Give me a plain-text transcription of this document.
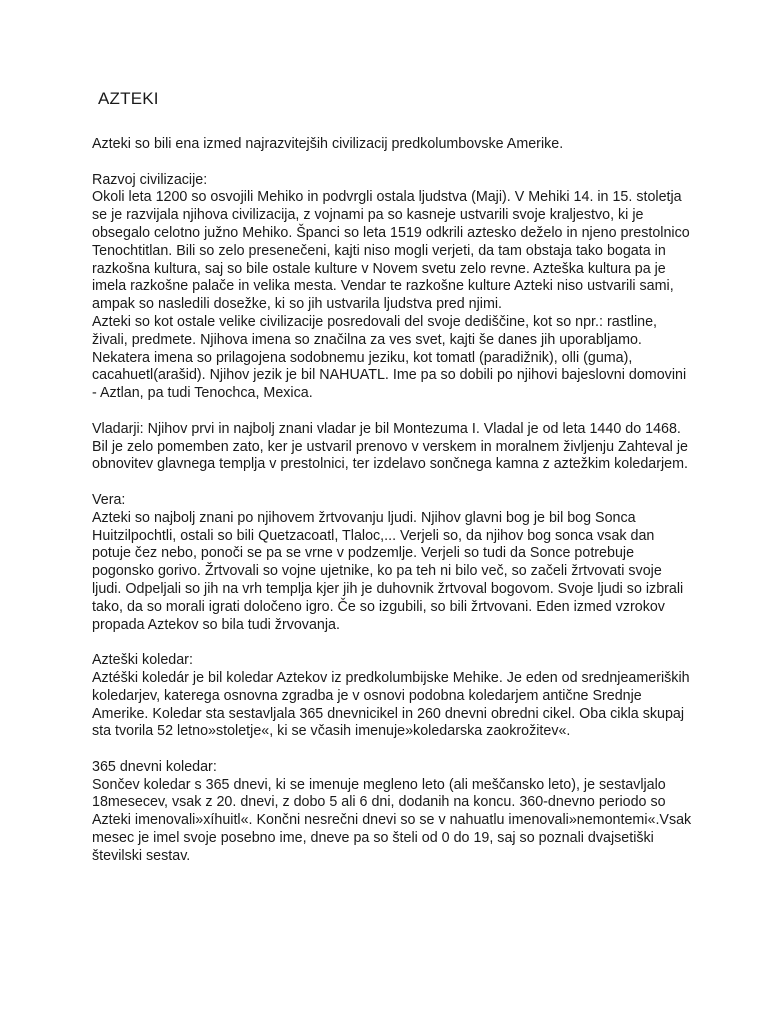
AZTEKI

Azteki so bili ena izmed najrazvitejših civilizacij predkolumbovske Amerike.

Razvoj civilizacije:

Okoli leta 1200 so osvojili Mehiko in podvrgli ostala ljudstva (Maji). V Mehiki 14. in 15. stoletja se je razvijala njihova civilizacija, z vojnami pa so kasneje ustvarili svoje kraljestvo, ki je obsegalo celotno južno Mehiko. Španci so leta 1519 odkrili aztesko deželo in njeno prestolnico Tenochtitlan. Bili so zelo presenečeni, kajti niso mogli verjeti, da tam obstaja tako bogata in razkošna kultura, saj so bile ostale kulture v Novem svetu zelo revne. Azteška kultura pa je imela razkošne palače in velika mesta. Vendar te razkošne kulture Azteki niso ustvarili sami, ampak so nasledili dosežke, ki so jih ustvarila ljudstva pred njimi.

Azteki so kot ostale velike civilizacije posredovali del svoje dediščine, kot so npr.: rastline, živali, predmete. Njihova imena so značilna za ves svet, kajti še danes jih uporabljamo. Nekatera imena so prilagojena sodobnemu jeziku, kot tomatl (paradižnik), olli (guma), cacahuetl(arašid). Njihov jezik je bil NAHUATL. Ime pa so dobili po njihovi bajeslovni domovini - Aztlan, pa tudi Tenochca, Mexica.

Vladarji: Njihov prvi in najbolj znani vladar je bil Montezuma I. Vladal je od leta 1440 do 1468. Bil je zelo pomemben zato, ker je ustvaril prenovo v verskem in moralnem življenju Zahteval je obnovitev glavnega templja v prestolnici, ter izdelavo sončnega kamna z aztežkim koledarjem.

Vera:

Azteki so najbolj znani po njihovem žrtvovanju ljudi. Njihov glavni bog je bil bog Sonca Huitzilpochtli, ostali so bili Quetzacoatl, Tlaloc,... Verjeli so, da njihov bog sonca vsak dan potuje čez nebo, ponoči se pa se vrne v podzemlje. Verjeli so tudi da Sonce potrebuje pogonsko gorivo. Žrtvovali so vojne ujetnike, ko pa teh ni bilo več, so začeli žrtvovati svoje ljudi. Odpeljali so jih na vrh templja kjer jih je duhovnik žrtvoval bogovom. Svoje ljudi so izbrali tako, da so morali igrati določeno igro. Če so izgubili, so bili žrtvovani. Eden izmed vzrokov propada Aztekov so bila tudi žrvovanja.

Azteški koledar:

Aztéški koledár je bil koledar Aztekov iz predkolumbijske Mehike. Je eden od srednjeameriških koledarjev, katerega osnovna zgradba je v osnovi podobna koledarjem antične Srednje Amerike. Koledar sta sestavljala 365 dnevnicikel in 260 dnevni obredni cikel. Oba cikla skupaj sta tvorila 52 letno»stoletje«, ki se včasih imenuje»koledarska zaokrožitev«.

365 dnevni koledar:

Sončev koledar s 365 dnevi, ki se imenuje megleno leto (ali meščansko leto), je sestavljalo 18mesecev, vsak z 20. dnevi, z dobo 5 ali 6 dni, dodanih na koncu. 360-dnevno periodo so Azteki imenovali»xíhuitl«. Končni nesrečni dnevi so se v nahuatlu imenovali»nemontemi«.Vsak mesec je imel svoje posebno ime, dneve pa so šteli od 0 do 19, saj so poznali dvajsetiški številski sestav.
